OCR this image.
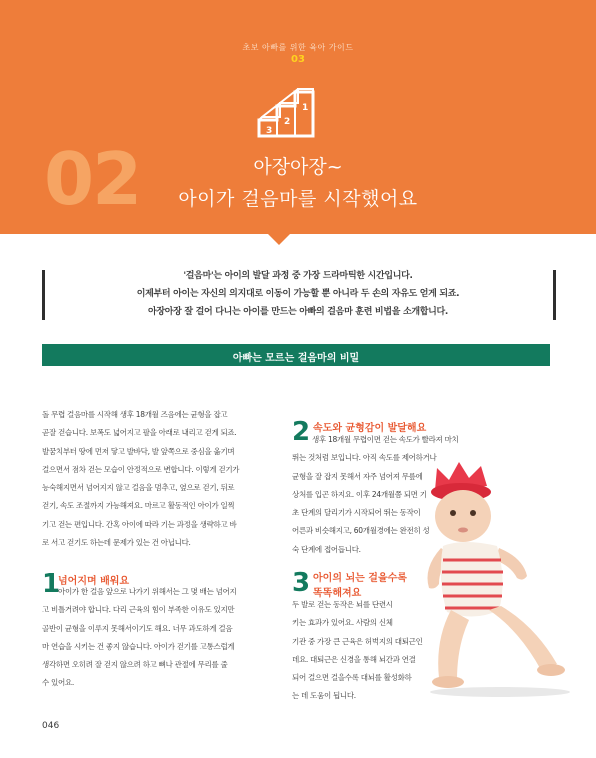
초보 아빠를 위한 육아 가이드
03
1
2
3
02	아장아장~
아이가 걸음마를 시작했어요
'걸음마'는 아이의 발달 과정 중 가장 드라마틱한 시간입니다.
이제부터 아이는 자신의 의지대로 이동이 가능할 뿐 아니라 두 손의 자유도 얻게 되죠.
아장아장 잘 걸어 다니는 아이를 만드는 아빠의 걸음마 훈련 비법을 소개합니다.
아빠는 모르는 걸음마의 비밀
돌 무렵 걸음마를 시작해 생후 18개월 즈음에는 균형을 잡고
곧잘 걷습니다. 보폭도 넓어지고 팔을 아래로 내리고 걷게 되죠.
발꿈치부터 땅에 먼저 닿고 발바닥, 발 앞쪽으로 중심을 옮기며
걸으면서 점차 걷는 모습이 안정적으로 변합니다. 이렇게 걷기가
능숙해지면서 넘어지지 않고 걸음을 멈추고, 옆으로 걷기, 뒤로
걷기, 속도 조절까지 가능해져요. 마르고 활동적인 아이가 일찍
기고 걷는 편입니다. 간혹 아이에 따라 기는 과정을 생략하고 바
로 서고 걷기도 하는데 문제가 있는 건 아닙니다.
1
넘어지며 배워요
아이가 한 걸음 앞으로 나가기 위해서는 그 몇 배는 넘어지
고 비틀거려야 합니다. 다리 근육의 힘이 부족한 이유도 있지만
골반이 균형을 이루지 못해서이기도 해요. 너무 과도하게 걸음
마 연습을 시키는 건 좋지 않습니다. 아이가 걷기를 고통스럽게
생각하면 오히려 잘 걷지 않으려 하고 뼈나 관절에 무리를 줄
수 있어요.
2 속도와 균형감이 발달해요
생후 18개월 무렵이면 걷는 속도가 빨라져 마치
뛰는 것처럼 보입니다. 아직 속도를 제어하거나
균형을 잘 잡지 못해서 자주 넘어져 무릎에
상처를 입곤 하지요. 이후 24개월쯤 되면 기
초 단계의 달리기가 시작되어 뛰는 동작이
어른과 비슷해지고, 60개월경에는 완전히 성
숙 단계에 접어듭니다.
3 아이의 뇌는 걸을수록
똑똑해져요
두 발로 걷는 동작은 뇌를 단련시
키는 효과가 있어요. 사람의 신체
기관 중 가장 큰 근육은 허벅지의 대퇴근인
데요. 대퇴근은 신경을 통해 뇌간과 연결
되어 걸으면 걸을수록 대뇌를 활성화하
는 데 도움이 됩니다.
046
